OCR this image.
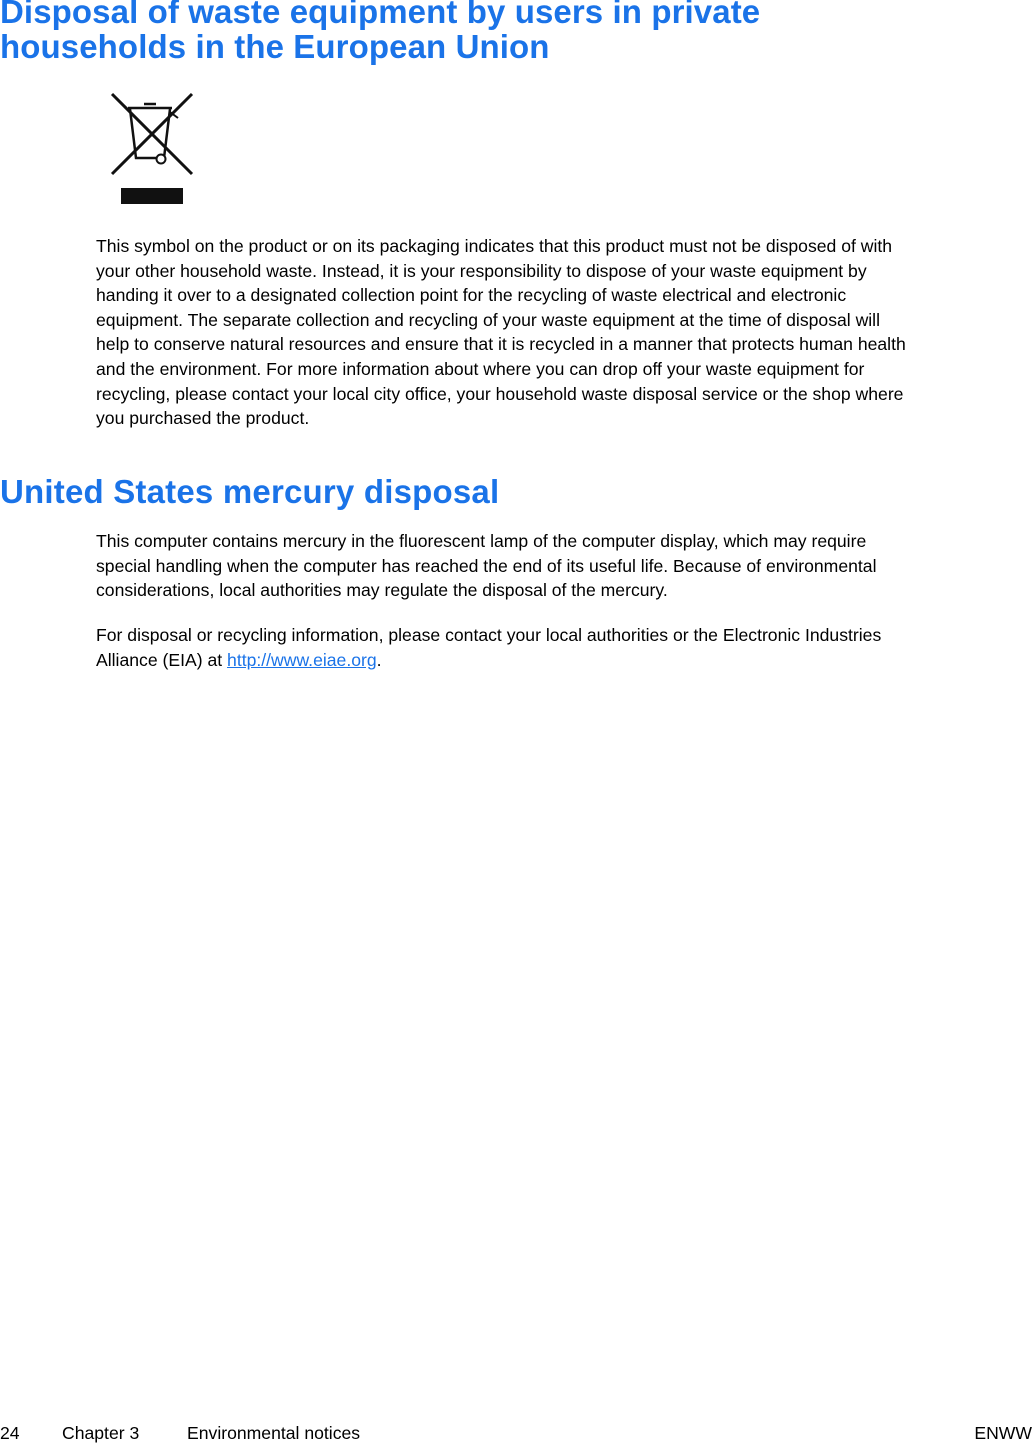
Disposal of waste equipment by users in private
households in the European Union

This symbol on the product or on its packaging indicates that this product must not be disposed of with
your other household waste. Instead, it is your responsibility to dispose of your waste equipment by
handing it over to a designated collection point for the recycling of waste electrical and electronic
equipment. The separate collection and recycling of your waste equipment at the time of disposal will
help to conserve natural resources and ensure that it is recycled in a manner that protects human health
and the environment. For more information about where you can drop off your waste equipment for
recycling, please contact your local city office, your household waste disposal service or the shop where
you purchased the product.

United States mercury disposal

This computer contains mercury in the fluorescent lamp of the computer display, which may require
special handling when the computer has reached the end of its useful life. Because of environmental
considerations, local authorities may regulate the disposal of the mercury.

For disposal or recycling information, please contact your local authorities or the Electronic Industries
Alliance (EIA) at http://www.eiae.org.

24 Chapter 3	Environmental notices	ENWW
